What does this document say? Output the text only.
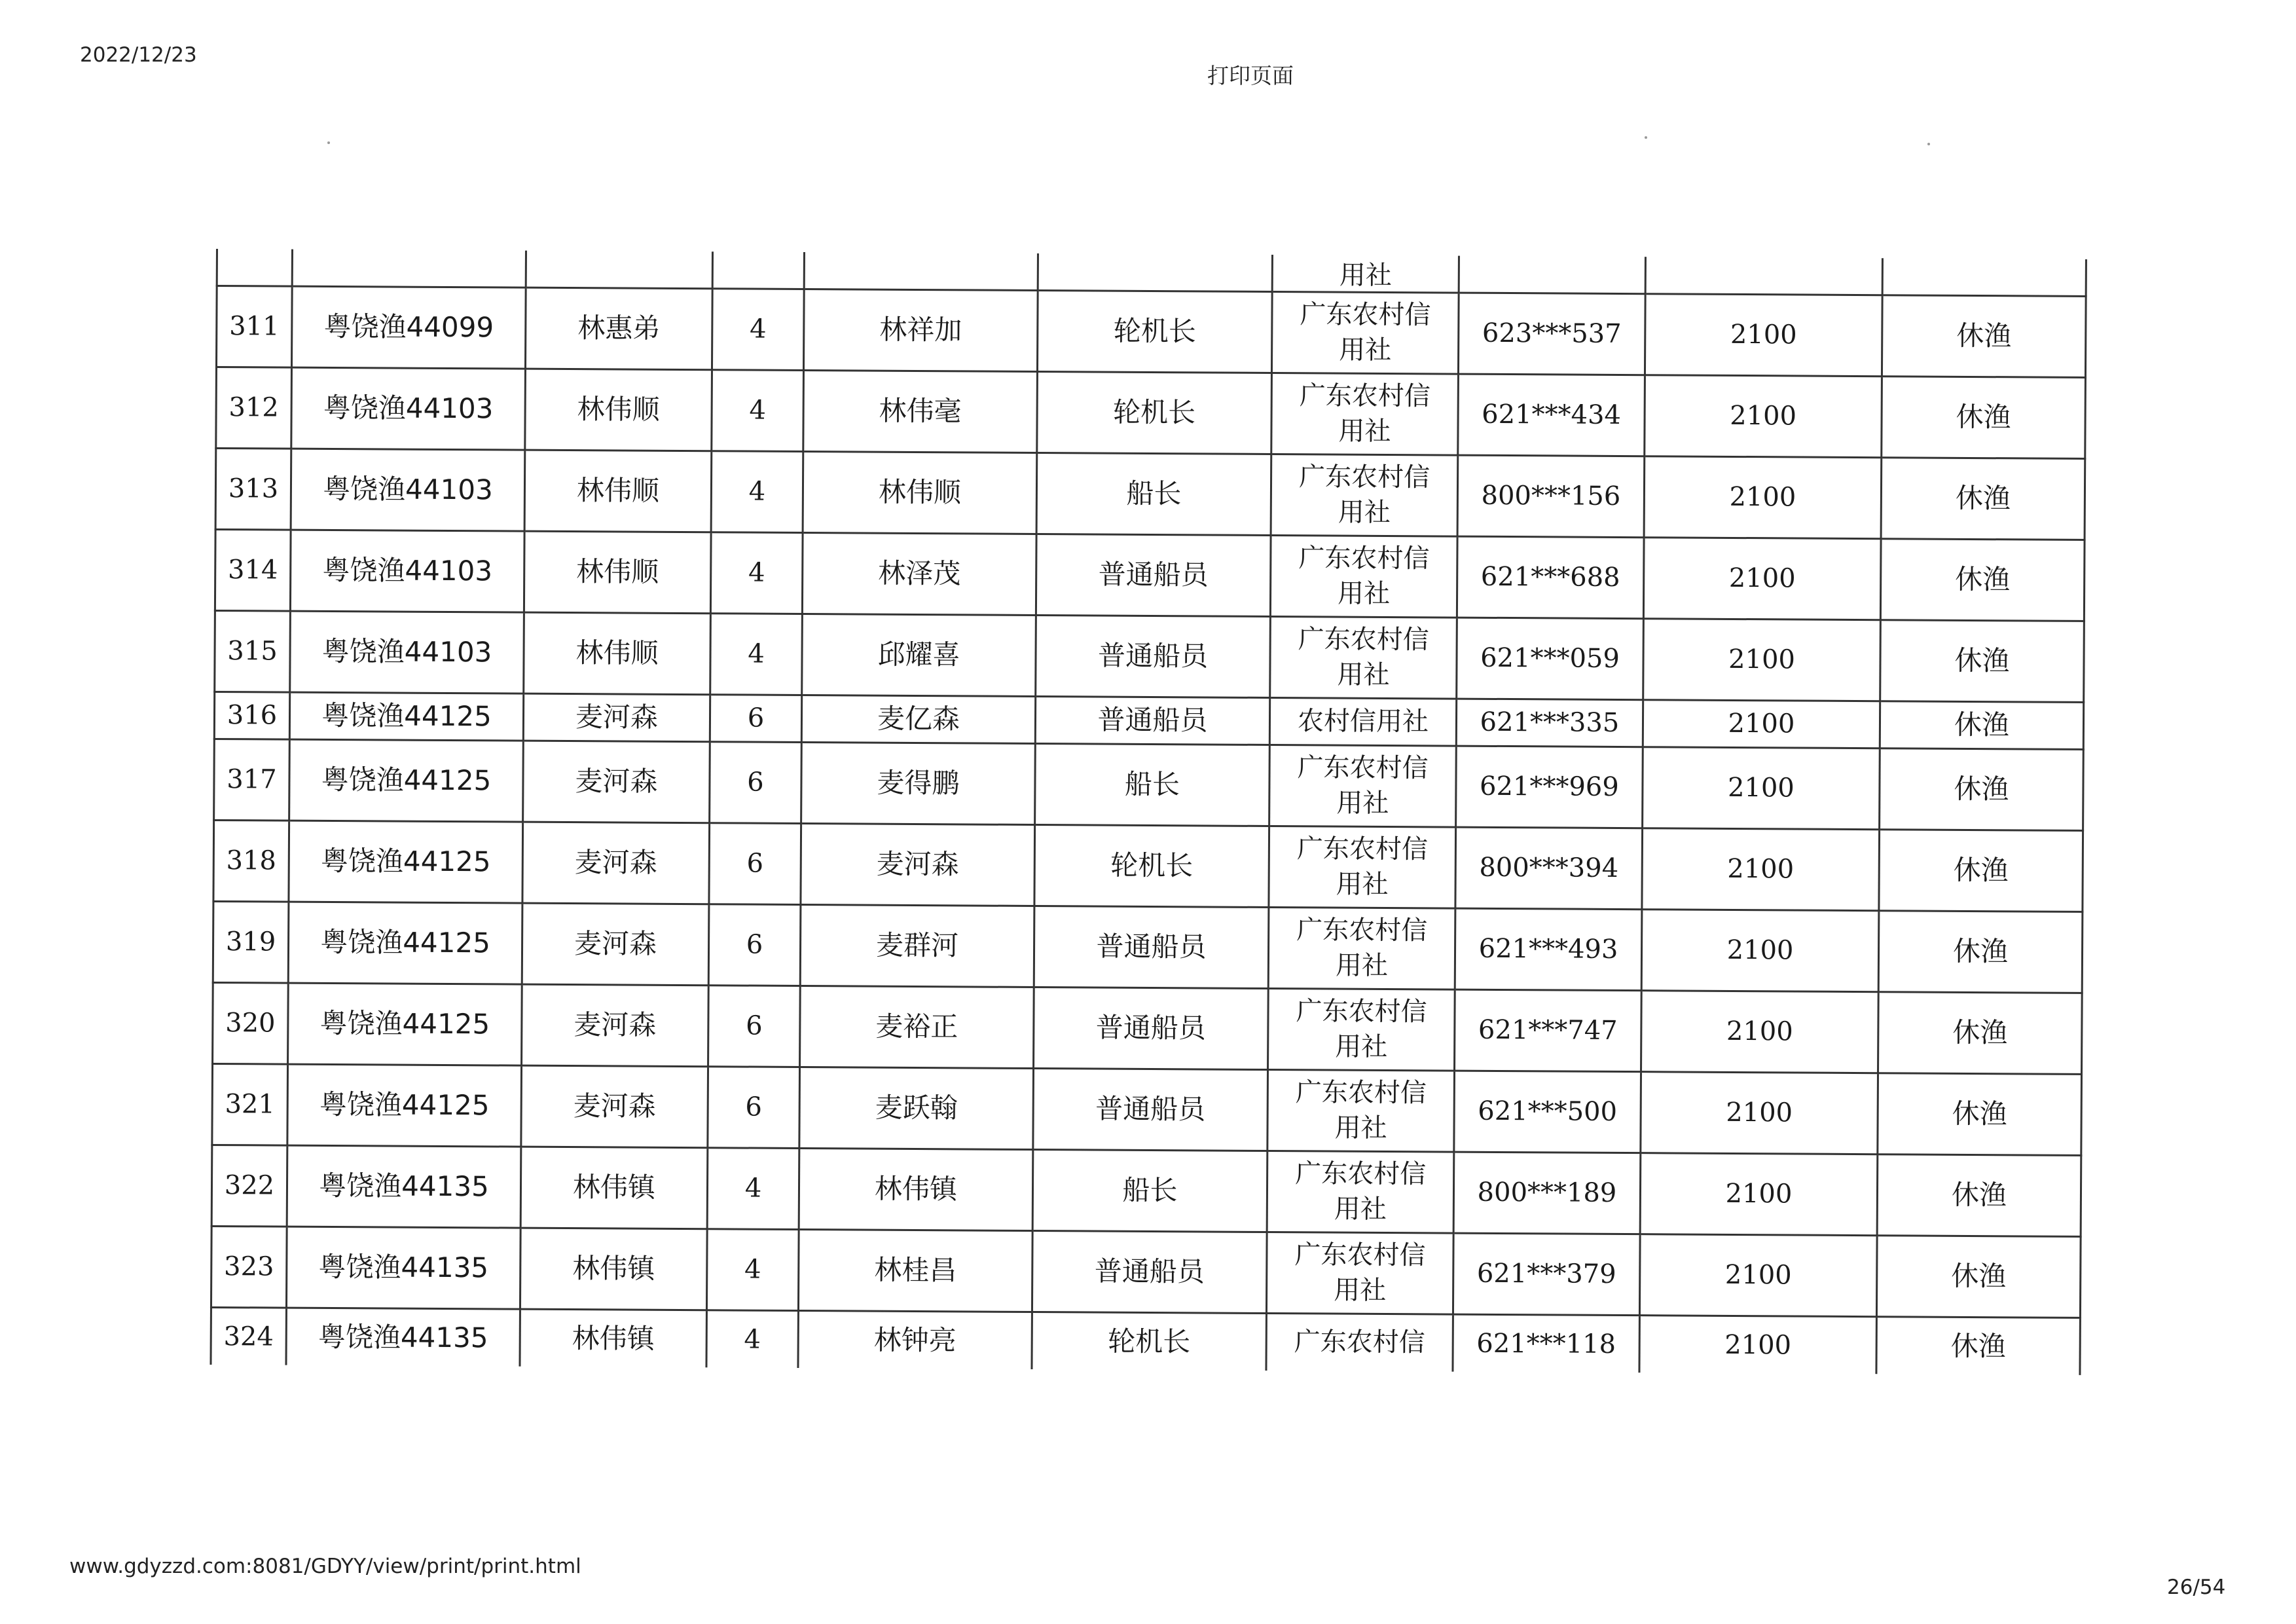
2022/12/23
打印页面
						用社			
311	粤饶渔44099	林惠弟	4	林祥加	轮机长	广东农村信
用社	623***537	2100	休渔
312	粤饶渔44103	林伟顺	4	林伟毫	轮机长	广东农村信
用社	621***434	2100	休渔
313	粤饶渔44103	林伟顺	4	林伟顺	船长	广东农村信
用社	800***156	2100	休渔
314	粤饶渔44103	林伟顺	4	林泽茂	普通船员	广东农村信
用社	621***688	2100	休渔
315	粤饶渔44103	林伟顺	4	邱耀喜	普通船员	广东农村信
用社	621***059	2100	休渔
316	粤饶渔44125	麦河森	6	麦亿森	普通船员	农村信用社	621***335	2100	休渔
317	粤饶渔44125	麦河森	6	麦得鹏	船长	广东农村信
用社	621***969	2100	休渔
318	粤饶渔44125	麦河森	6	麦河森	轮机长	广东农村信
用社	800***394	2100	休渔
319	粤饶渔44125	麦河森	6	麦群河	普通船员	广东农村信
用社	621***493	2100	休渔
320	粤饶渔44125	麦河森	6	麦裕正	普通船员	广东农村信
用社	621***747	2100	休渔
321	粤饶渔44125	麦河森	6	麦跃翰	普通船员	广东农村信
用社	621***500	2100	休渔
322	粤饶渔44135	林伟镇	4	林伟镇	船长	广东农村信
用社	800***189	2100	休渔
323	粤饶渔44135	林伟镇	4	林桂昌	普通船员	广东农村信
用社	621***379	2100	休渔
324	粤饶渔44135	林伟镇	4	林钟亮	轮机长	广东农村信	621***118	2100	休渔
www.gdyzzd.com:8081/GDYY/view/print/print.html
26/54
